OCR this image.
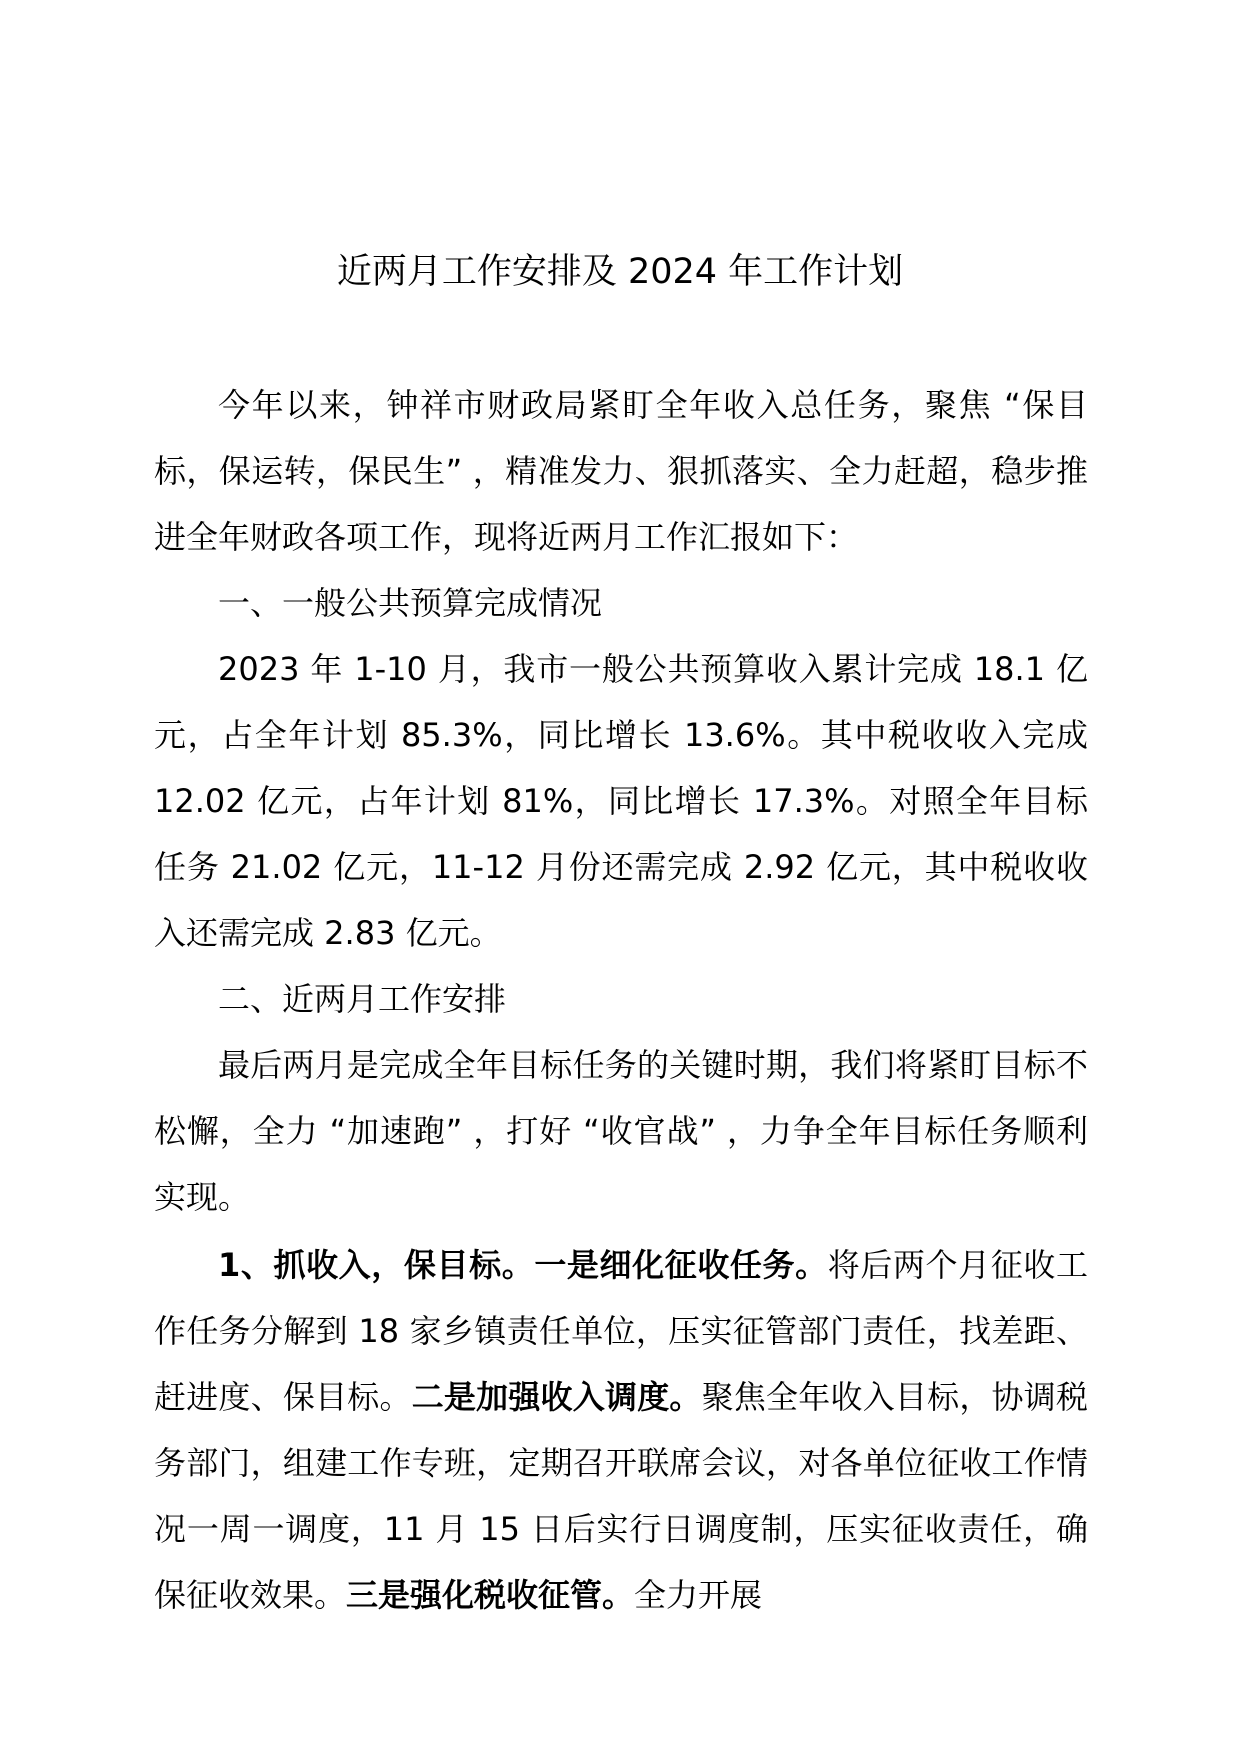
近两月工作安排及 2024 年工作计划

今年以来，钟祥市财政局紧盯全年收入总任务，聚焦 “保目标，保运转，保民生” ，精准发力、狠抓落实、全力赶超，稳步推进全年财政各项工作，现将近两月工作汇报如下：

一、一般公共预算完成情况

2023 年 1-10 月，我市一般公共预算收入累计完成 18.1 亿元，占全年计划 85.3%，同比增长 13.6%。其中税收收入完成 12.02 亿元，占年计划 81%，同比增长 17.3%。对照全年目标任务 21.02 亿元，11-12 月份还需完成 2.92 亿元，其中税收收入还需完成 2.83 亿元。

二、近两月工作安排

最后两月是完成全年目标任务的关键时期，我们将紧盯目标不松懈，全力 “加速跑” ，打好 “收官战” ，力争全年目标任务顺利实现。

1、抓收入，保目标。一是细化征收任务。将后两个月征收工作任务分解到 18 家乡镇责任单位，压实征管部门责任，找差距、赶进度、保目标。二是加强收入调度。聚焦全年收入目标，协调税务部门，组建工作专班，定期召开联席会议，对各单位征收工作情况一周一调度，11 月 15 日后实行日调度制，压实征收责任，确保征收效果。三是强化税收征管。全力开展
